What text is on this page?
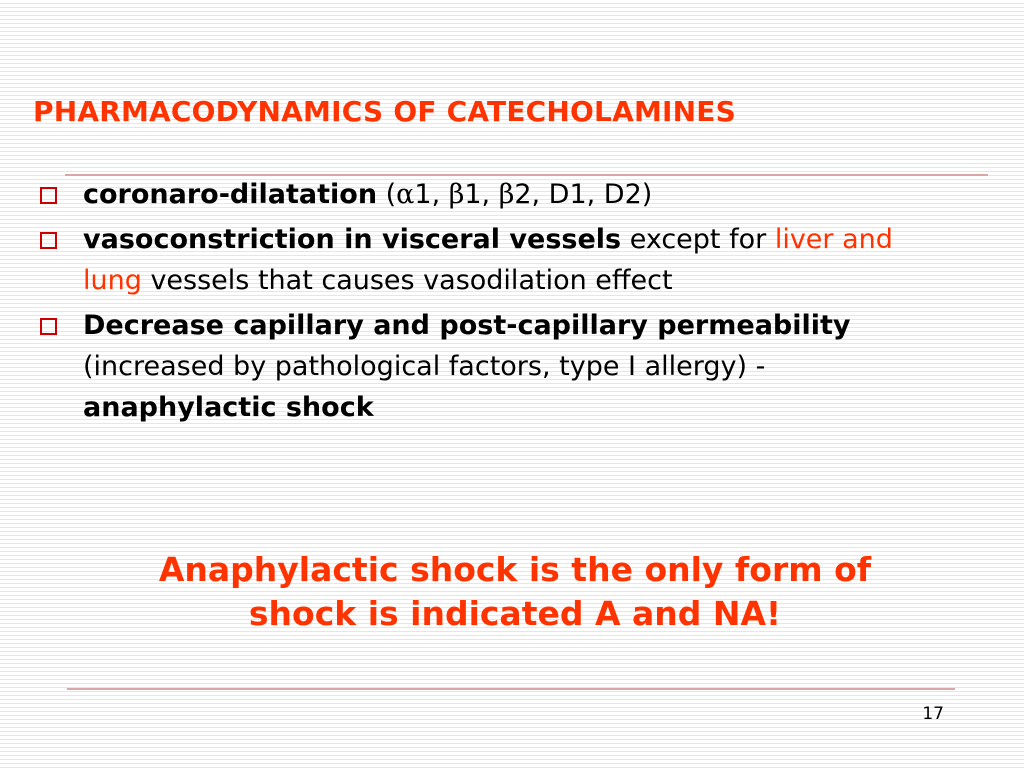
PHARMACODYNAMICS OF CATECHOLAMINES
coronaro-dilatation (α1, β1, β2, D1, D2)
vasoconstriction in visceral vessels except for liver and lung vessels that causes vasodilation effect
Decrease capillary and post-capillary permeability (increased by pathological factors, type I allergy) - anaphylactic shock

Anaphylactic shock is the only form of
shock is indicated A and NA!

17
